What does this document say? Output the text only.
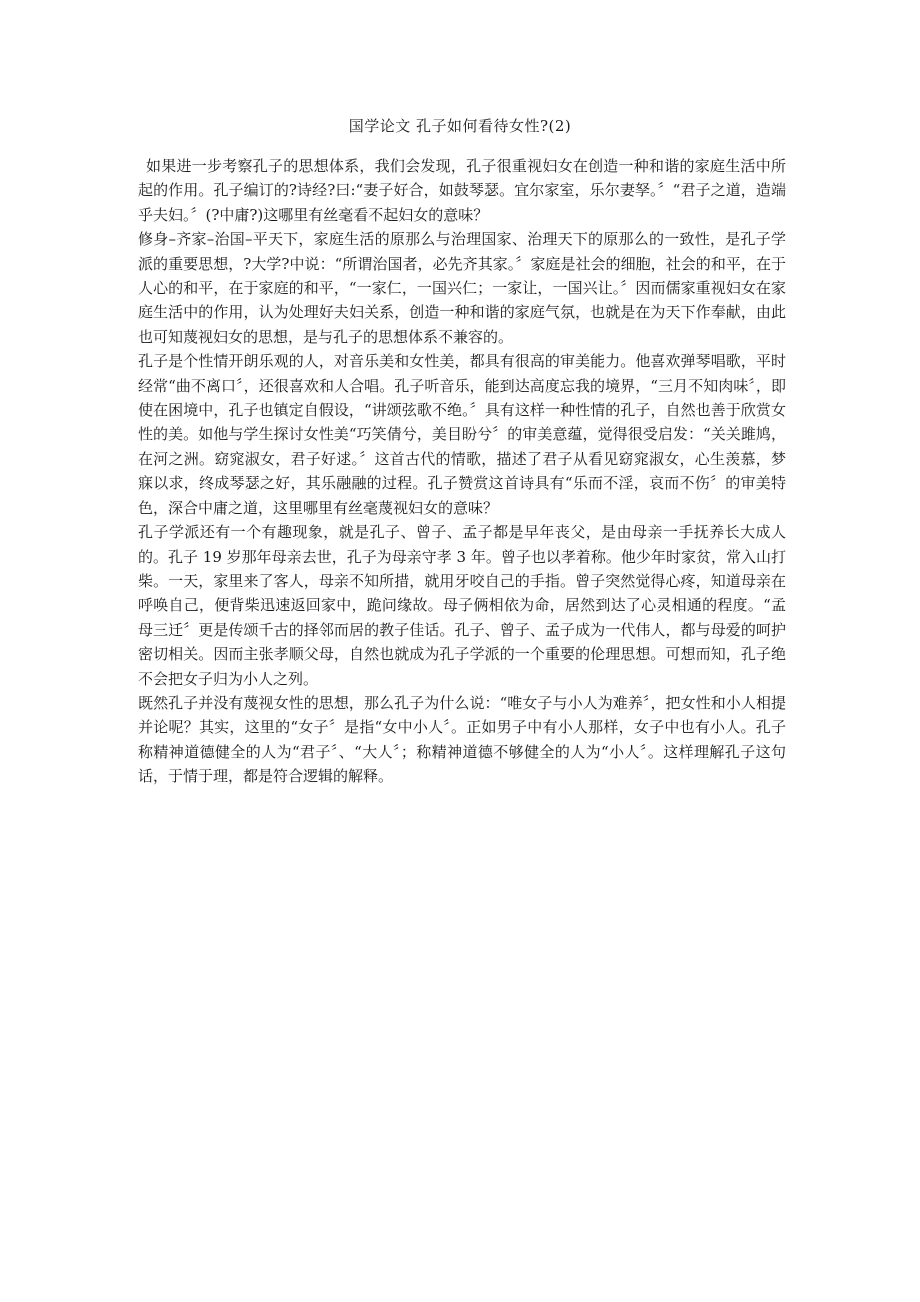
国学论文 孔子如何看待女性?(2)

如果进一步考察孔子的思想体系，我们会发现，孔子很重视妇女在创造一种和谐的家庭生活中所起的作用。孔子编订的?诗经?曰:“妻子好合，如鼓琴瑟。宜尔家室，乐尔妻孥。〞“君子之道，造端乎夫妇。〞(?中庸?)这哪里有丝毫看不起妇女的意味？

修身–齐家–治国–平天下，家庭生活的原那么与治理国家、治理天下的原那么的一致性，是孔子学派的重要思想，?大学?中说：“所谓治国者，必先齐其家。〞家庭是社会的细胞，社会的和平，在于人心的和平，在于家庭的和平，“一家仁，一国兴仁；一家让，一国兴让。〞因而儒家重视妇女在家庭生活中的作用，认为处理好夫妇关系，创造一种和谐的家庭气氛，也就是在为天下作奉献，由此也可知蔑视妇女的思想，是与孔子的思想体系不兼容的。

孔子是个性情开朗乐观的人，对音乐美和女性美，都具有很高的审美能力。他喜欢弹琴唱歌，平时经常“曲不离口〞，还很喜欢和人合唱。孔子听音乐，能到达高度忘我的境界，“三月不知肉味〞，即使在困境中，孔子也镇定自假设，“讲颂弦歌不绝。〞具有这样一种性情的孔子，自然也善于欣赏女性的美。如他与学生探讨女性美“巧笑倩兮，美目盼兮〞的审美意蕴，觉得很受启发：“关关雎鸠，在河之洲。窈窕淑女，君子好逑。〞这首古代的情歌，描述了君子从看见窈窕淑女，心生羡慕，梦寐以求，终成琴瑟之好，其乐融融的过程。孔子赞赏这首诗具有“乐而不淫，哀而不伤〞的审美特色，深合中庸之道，这里哪里有丝毫蔑视妇女的意味？

孔子学派还有一个有趣现象，就是孔子、曾子、孟子都是早年丧父，是由母亲一手抚养长大成人的。孔子 19 岁那年母亲去世，孔子为母亲守孝 3 年。曾子也以孝着称。他少年时家贫，常入山打柴。一天，家里来了客人，母亲不知所措，就用牙咬自己的手指。曾子突然觉得心疼，知道母亲在呼唤自己，便背柴迅速返回家中，跪问缘故。母子俩相依为命，居然到达了心灵相通的程度。“孟母三迁〞更是传颂千古的择邻而居的教子佳话。孔子、曾子、孟子成为一代伟人，都与母爱的呵护密切相关。因而主张孝顺父母，自然也就成为孔子学派的一个重要的伦理思想。可想而知，孔子绝不会把女子归为小人之列。

既然孔子并没有蔑视女性的思想，那么孔子为什么说：“唯女子与小人为难养〞，把女性和小人相提并论呢？其实，这里的“女子〞是指“女中小人〞。正如男子中有小人那样，女子中也有小人。孔子称精神道德健全的人为“君子〞、“大人〞；称精神道德不够健全的人为“小人〞。这样理解孔子这句话，于情于理，都是符合逻辑的解释。
